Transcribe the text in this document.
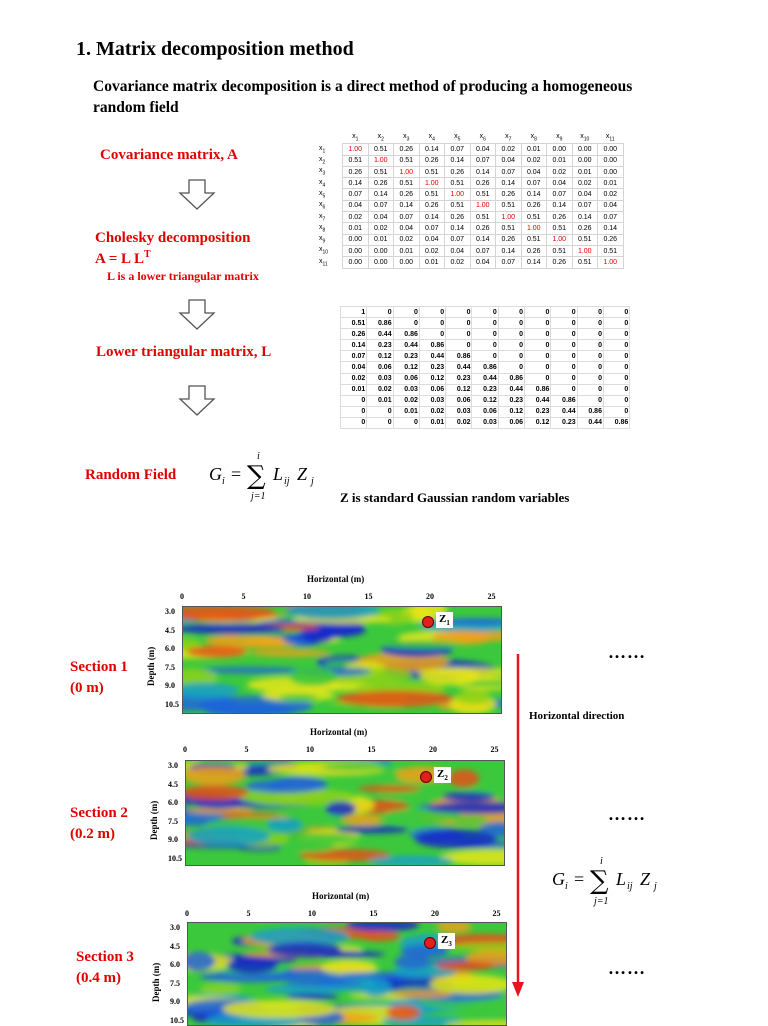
1. Matrix decomposition method
Covariance matrix decomposition is a direct method of producing a homogeneous random field
Covariance matrix, A
Cholesky decomposition
A = L $L^T$
L is a lower triangular matrix
Lower triangular matrix, L
	$x_1$	$x_2$	$x_3$	$x_4$	$x_5$	$x_6$	$x_7$	$x_8$	$x_9$	$x_{10}$	$x_{11}$
$x_1$	1.00	0.51	0.26	0.14	0.07	0.04	0.02	0.01	0.00	0.00	0.00
$x_2$	0.51	1.00	0.51	0.26	0.14	0.07	0.04	0.02	0.01	0.00	0.00
$x_3$	0.26	0.51	1.00	0.51	0.26	0.14	0.07	0.04	0.02	0.01	0.00
$x_4$	0.14	0.26	0.51	1.00	0.51	0.26	0.14	0.07	0.04	0.02	0.01
$x_5$	0.07	0.14	0.26	0.51	1.00	0.51	0.26	0.14	0.07	0.04	0.02
$x_6$	0.04	0.07	0.14	0.26	0.51	1.00	0.51	0.26	0.14	0.07	0.04
$x_7$	0.02	0.04	0.07	0.14	0.26	0.51	1.00	0.51	0.26	0.14	0.07
$x_8$	0.01	0.02	0.04	0.07	0.14	0.26	0.51	1.00	0.51	0.26	0.14
$x_9$	0.00	0.01	0.02	0.04	0.07	0.14	0.26	0.51	1.00	0.51	0.26
$x_{10}$	0.00	0.00	0.01	0.02	0.04	0.07	0.14	0.26	0.51	1.00	0.51
$x_{11}$	0.00	0.00	0.00	0.01	0.02	0.04	0.07	0.14	0.26	0.51	1.00
1	0	0	0	0	0	0	0	0	0	0
0.51	0.86	0	0	0	0	0	0	0	0	0
0.26	0.44	0.86	0	0	0	0	0	0	0	0
0.14	0.23	0.44	0.86	0	0	0	0	0	0	0
0.07	0.12	0.23	0.44	0.86	0	0	0	0	0	0
0.04	0.06	0.12	0.23	0.44	0.86	0	0	0	0	0
0.02	0.03	0.06	0.12	0.23	0.44	0.86	0	0	0	0
0.01	0.02	0.03	0.06	0.12	0.23	0.44	0.86	0	0	0
0	0.01	0.02	0.03	0.06	0.12	0.23	0.44	0.86	0	0
0	0	0.01	0.02	0.03	0.06	0.12	0.23	0.44	0.86	0
0	0	0	0.01	0.02	0.03	0.06	0.12	0.23	0.44	0.86
Random Field G i = ∑
i
j=1
L ij Z j
Z is standard Gaussian random variables
Horizontal (m)
0	5	10	15	20	25
3.0
4.5
6.0
7.5
9.0
10.5
Depth (m)
$Z_1$
Section 1
(0 m)
Horizontal (m)
0	5	10	15	20	25
3.0
4.5
6.0
7.5
9.0
10.5
Depth (m)
$Z_2$
Section 2
(0.2 m)
Horizontal (m)
0	5	10	15	20	25
3.0
4.5
6.0
7.5
9.0
10.5
Depth (m)
$Z_3$
Section 3
(0.4 m)
Horizontal direction
G i = ∑
i
j=1
L ij Z j
……
……
……
